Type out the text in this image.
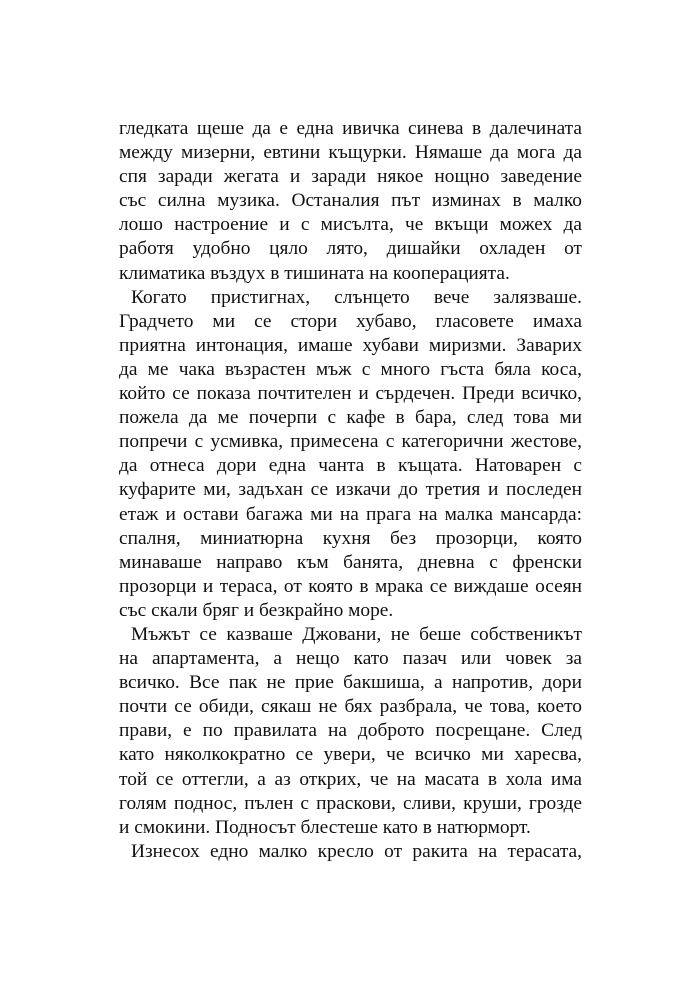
гледката щеше да е една ивичка синева в далечината
между мизерни, евтини къщурки. Нямаше да мога да
спя заради жегата и заради някое нощно заведение
със силна музика. Останалия път изминах в малко
лошо настроение и с мисълта, че вкъщи можех да
работя удобно цяло лято, дишайки охладен от
климатика въздух в тишината на кооперацията.
Когато пристигнах, слънцето вече залязваше.
Градчето ми се стори хубаво, гласовете имаха
приятна интонация, имаше хубави миризми. Заварих
да ме чака възрастен мъж с много гъста бяла коса,
който се показа почтителен и сърдечен. Преди всичко,
пожела да ме почерпи с кафе в бара, след това ми
попречи с усмивка, примесена с категорични жестове,
да отнеса дори една чанта в къщата. Натоварен с
куфарите ми, задъхан се изкачи до третия и последен
етаж и остави багажа ми на прага на малка мансарда:
спалня, миниатюрна кухня без прозорци, която
минаваше направо към банята, дневна с френски
прозорци и тераса, от която в мрака се виждаше осеян
със скали бряг и безкрайно море.
Мъжът се казваше Джовани, не беше собственикът
на апартамента, а нещо като пазач или човек за
всичко. Все пак не прие бакшиша, а напротив, дори
почти се обиди, сякаш не бях разбрала, че това, което
прави, е по правилата на доброто посрещане. След
като няколкократно се увери, че всичко ми харесва,
той се оттегли, а аз открих, че на масата в хола има
голям поднос, пълен с праскови, сливи, круши, грозде
и смокини. Подносът блестеше като в натюрморт.
Изнесох едно малко кресло от ракита на терасата,
